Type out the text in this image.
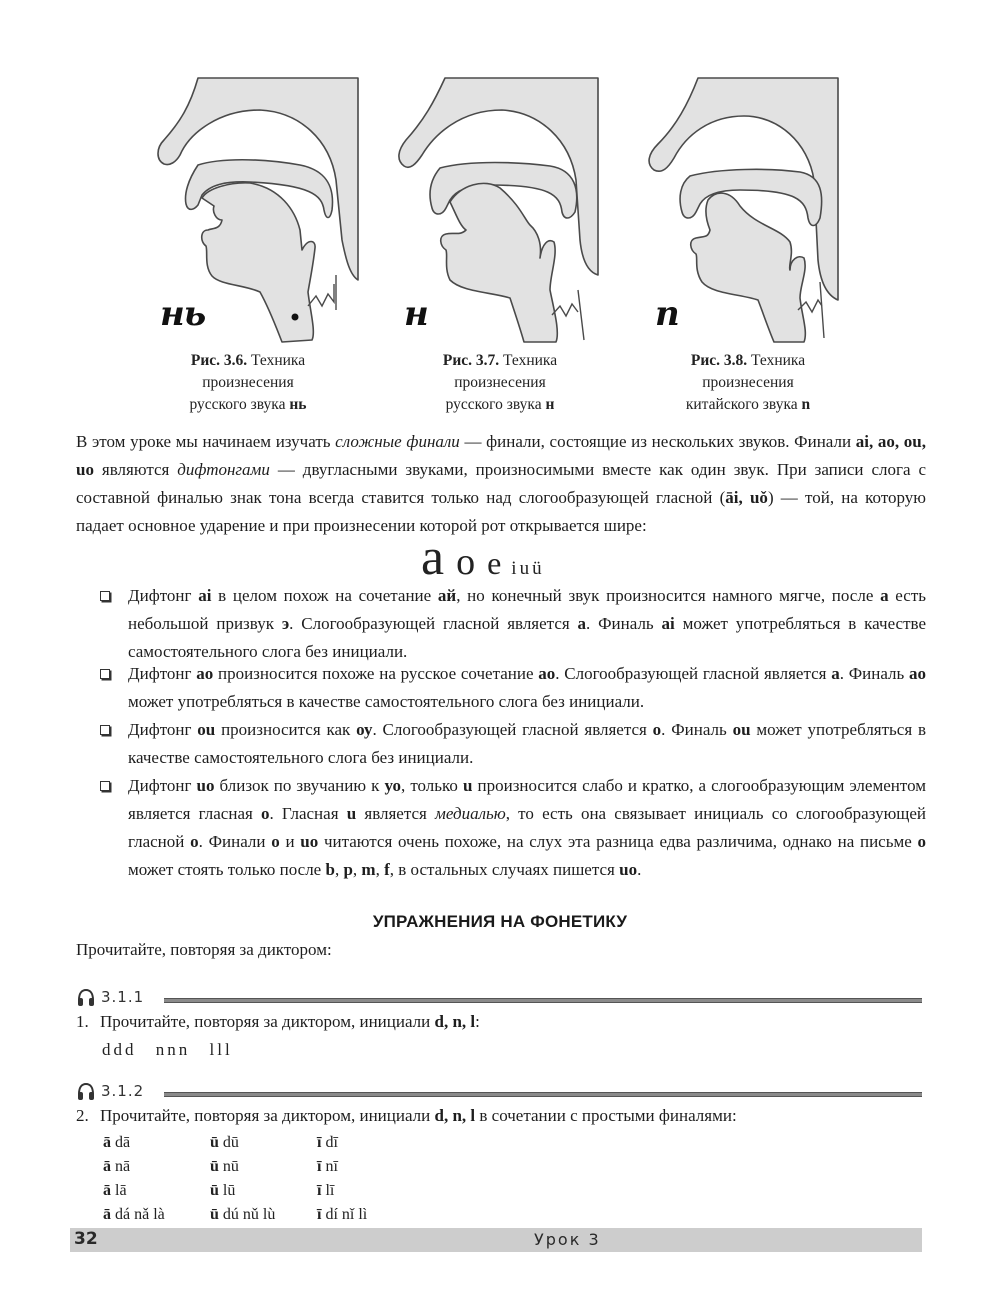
нь	н	n
Рис. 3.6. Техника
произнесения
русского звука нь
Рис. 3.7. Техника
произнесения
русского звука н
Рис. 3.8. Техника
произнесения
китайского звука n
В этом уроке мы начинаем изучать сложные финали — финали, состоящие из нескольких звуков. Финали ai, ao, ou, uo являются дифтонгами — двугласными звуками, произносимыми вместе как один звук. При записи слога с составной финалью знак тона всегда ставится только над слогообразующей гласной (āi, uǒ) — той, на которую падает основное ударение и при произнесении которой рот открывается шире:
a o e iuü
Дифтонг ai в целом похож на сочетание ай, но конечный звук произносится намного мягче, после а есть небольшой призвук э. Слогообразующей гласной является a. Финаль ai может употребляться в качестве самостоятельного слога без инициали.
Дифтонг ao произносится похоже на русское сочетание ао. Слогообразующей гласной является a. Финаль ao может употребляться в качестве самостоятельного слога без инициали.
Дифтонг ou произносится как оу. Слогообразующей гласной является o. Финаль ou может употребляться в качестве самостоятельного слога без инициали.
Дифтонг uo близок по звучанию к уо, только u произносится слабо и кратко, а слогообразующим элементом является гласная o. Гласная u является медиалью, то есть она связывает инициаль со слогообразующей гласной o. Финали o и uo читаются очень похоже, на слух эта разница едва различима, однако на письме o может стоять только после b, p, m, f, в остальных случаях пишется uo.
УПРАЖНЕНИЯ НА ФОНЕТИКУ
Прочитайте, повторяя за диктором:
3.1.1
1. Прочитайте, повторяя за диктором, инициали d, n, l:
ddd nnn lll
3.1.2
2. Прочитайте, повторяя за диктором, инициали d, n, l в сочетании с простыми финалями:
ā dā	ū dū	ī dī
ā nā	ū nū	ī nī
ā lā	ū lū	ī lī
ā dá nǎ là	ū dú nǔ lù	ī dí nǐ lì
32	Урок 3
